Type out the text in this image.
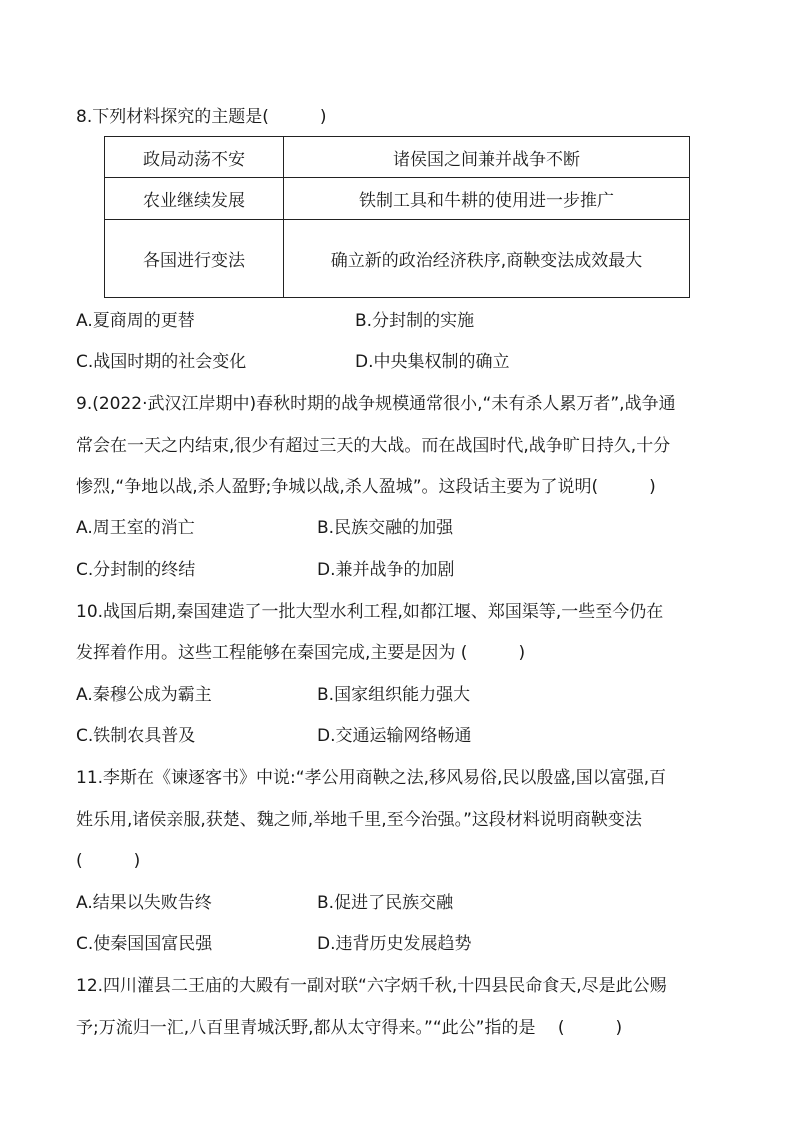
8.下列材料探究的主题是(　　　)
政局动荡不安	诸侯国之间兼并战争不断
农业继续发展	铁制工具和牛耕的使用进一步推广
各国进行变法	确立新的政治经济秩序,商鞅变法成效最大
A.夏商周的更替	B.分封制的实施
C.战国时期的社会变化	D.中央集权制的确立
9.(2022·武汉江岸期中)春秋时期的战争规模通常很小,“未有杀人累万者”,战争通
常会在一天之内结束,很少有超过三天的大战。而在战国时代,战争旷日持久,十分
惨烈,“争地以战,杀人盈野;争城以战,杀人盈城”。这段话主要为了说明(　　　)
A.周王室的消亡	B.民族交融的加强
C.分封制的终结	D.兼并战争的加剧
10.战国后期,秦国建造了一批大型水利工程,如都江堰、郑国渠等,一些至今仍在
发挥着作用。这些工程能够在秦国完成,主要是因为 (　　　)
A.秦穆公成为霸主	B.国家组织能力强大
C.铁制农具普及	D.交通运输网络畅通
11.李斯在《谏逐客书》中说:“孝公用商鞅之法,移风易俗,民以殷盛,国以富强,百
姓乐用,诸侯亲服,获楚、魏之师,举地千里,至今治强。”这段材料说明商鞅变法
(　　　)
A.结果以失败告终	B.促进了民族交融
C.使秦国国富民强	D.违背历史发展趋势
12.四川灌县二王庙的大殿有一副对联“六字炳千秋,十四县民命食天,尽是此公赐
予;万流归一汇,八百里青城沃野,都从太守得来。”“此公”指的是　 (　　　)
